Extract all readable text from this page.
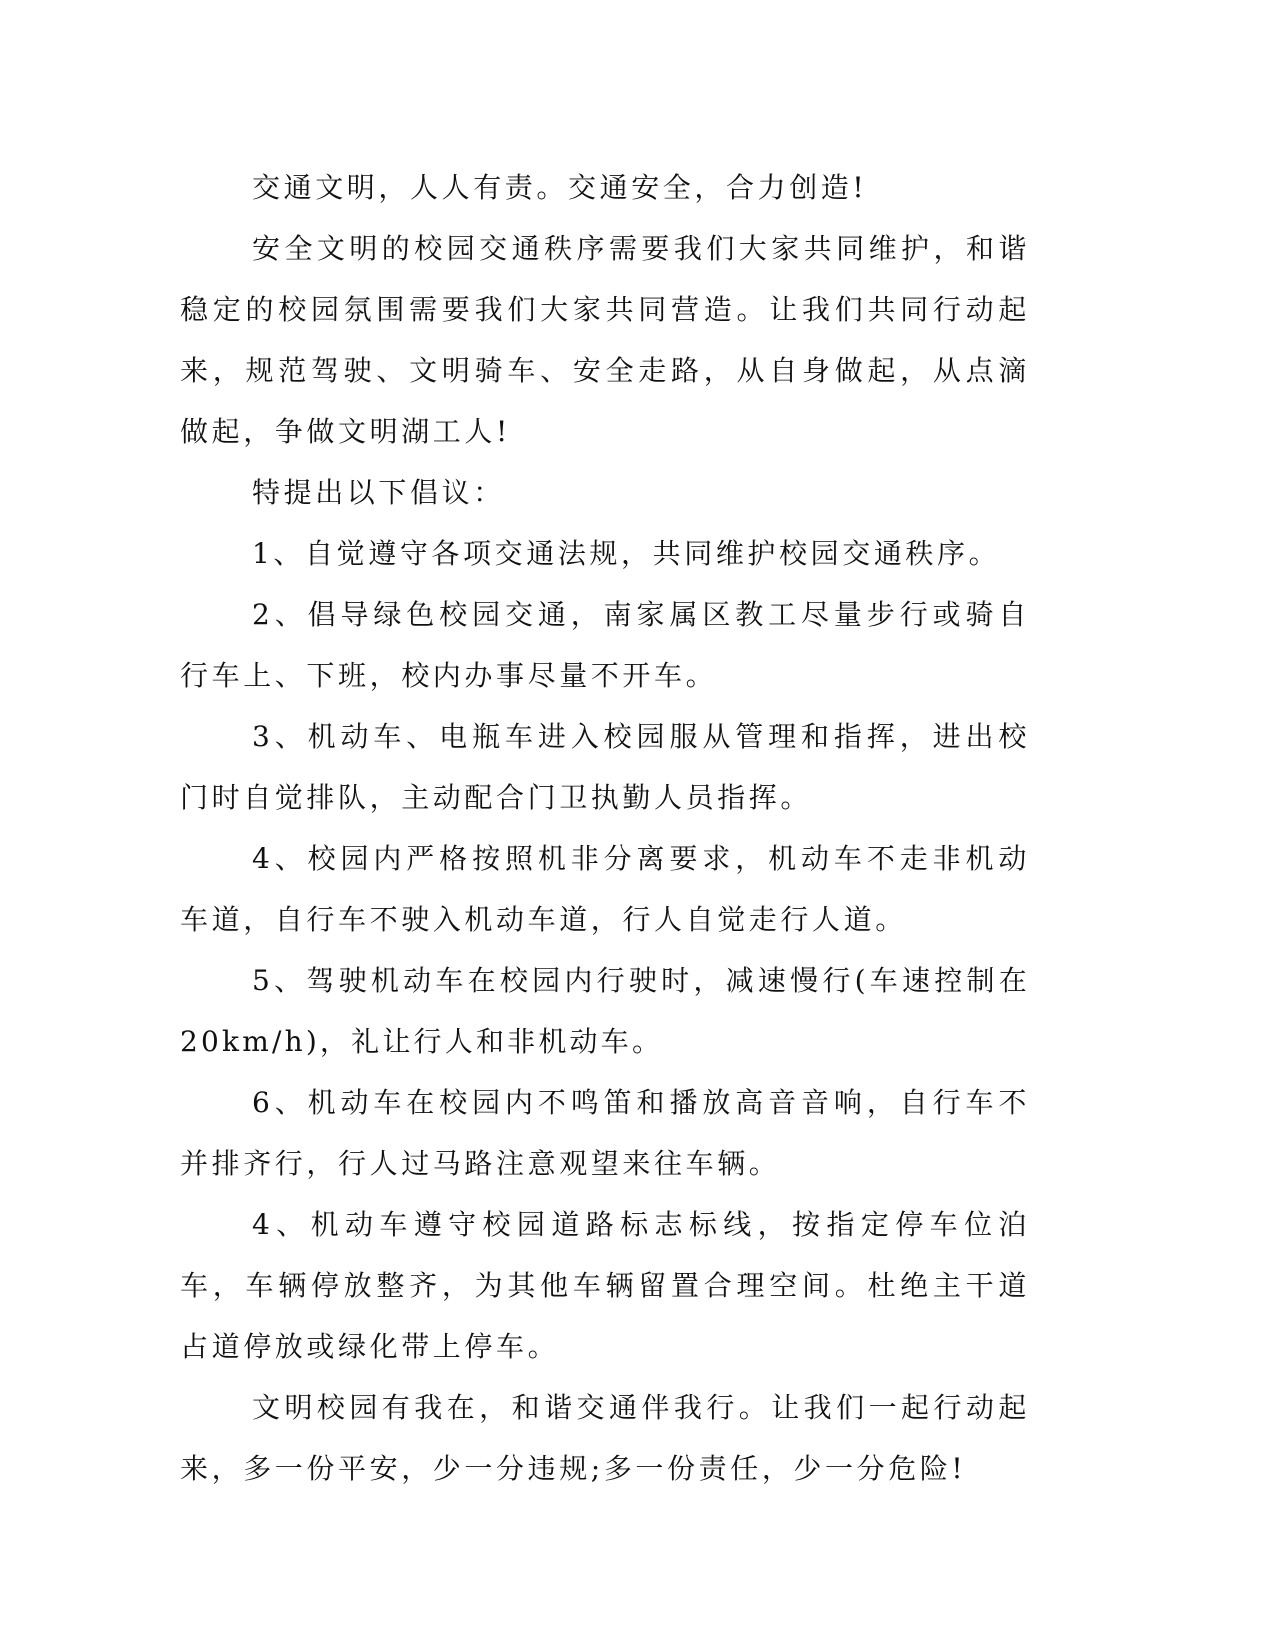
交通文明，人人有责。交通安全，合力创造!

安全文明的校园交通秩序需要我们大家共同维护，和谐稳定的校园氛围需要我们大家共同营造。让我们共同行动起来，规范驾驶、文明骑车、安全走路，从自身做起，从点滴做起，争做文明湖工人!

特提出以下倡议：

1、自觉遵守各项交通法规，共同维护校园交通秩序。

2、倡导绿色校园交通，南家属区教工尽量步行或骑自行车上、下班，校内办事尽量不开车。

3、机动车、电瓶车进入校园服从管理和指挥，进出校门时自觉排队，主动配合门卫执勤人员指挥。

4、校园内严格按照机非分离要求，机动车不走非机动车道，自行车不驶入机动车道，行人自觉走行人道。

5、驾驶机动车在校园内行驶时，减速慢行(车速控制在 20km/h)，礼让行人和非机动车。

6、机动车在校园内不鸣笛和播放高音音响，自行车不并排齐行，行人过马路注意观望来往车辆。

4、机动车遵守校园道路标志标线，按指定停车位泊车，车辆停放整齐，为其他车辆留置合理空间。杜绝主干道占道停放或绿化带上停车。

文明校园有我在，和谐交通伴我行。让我们一起行动起来，多一份平安，少一分违规;多一份责任，少一分危险!
